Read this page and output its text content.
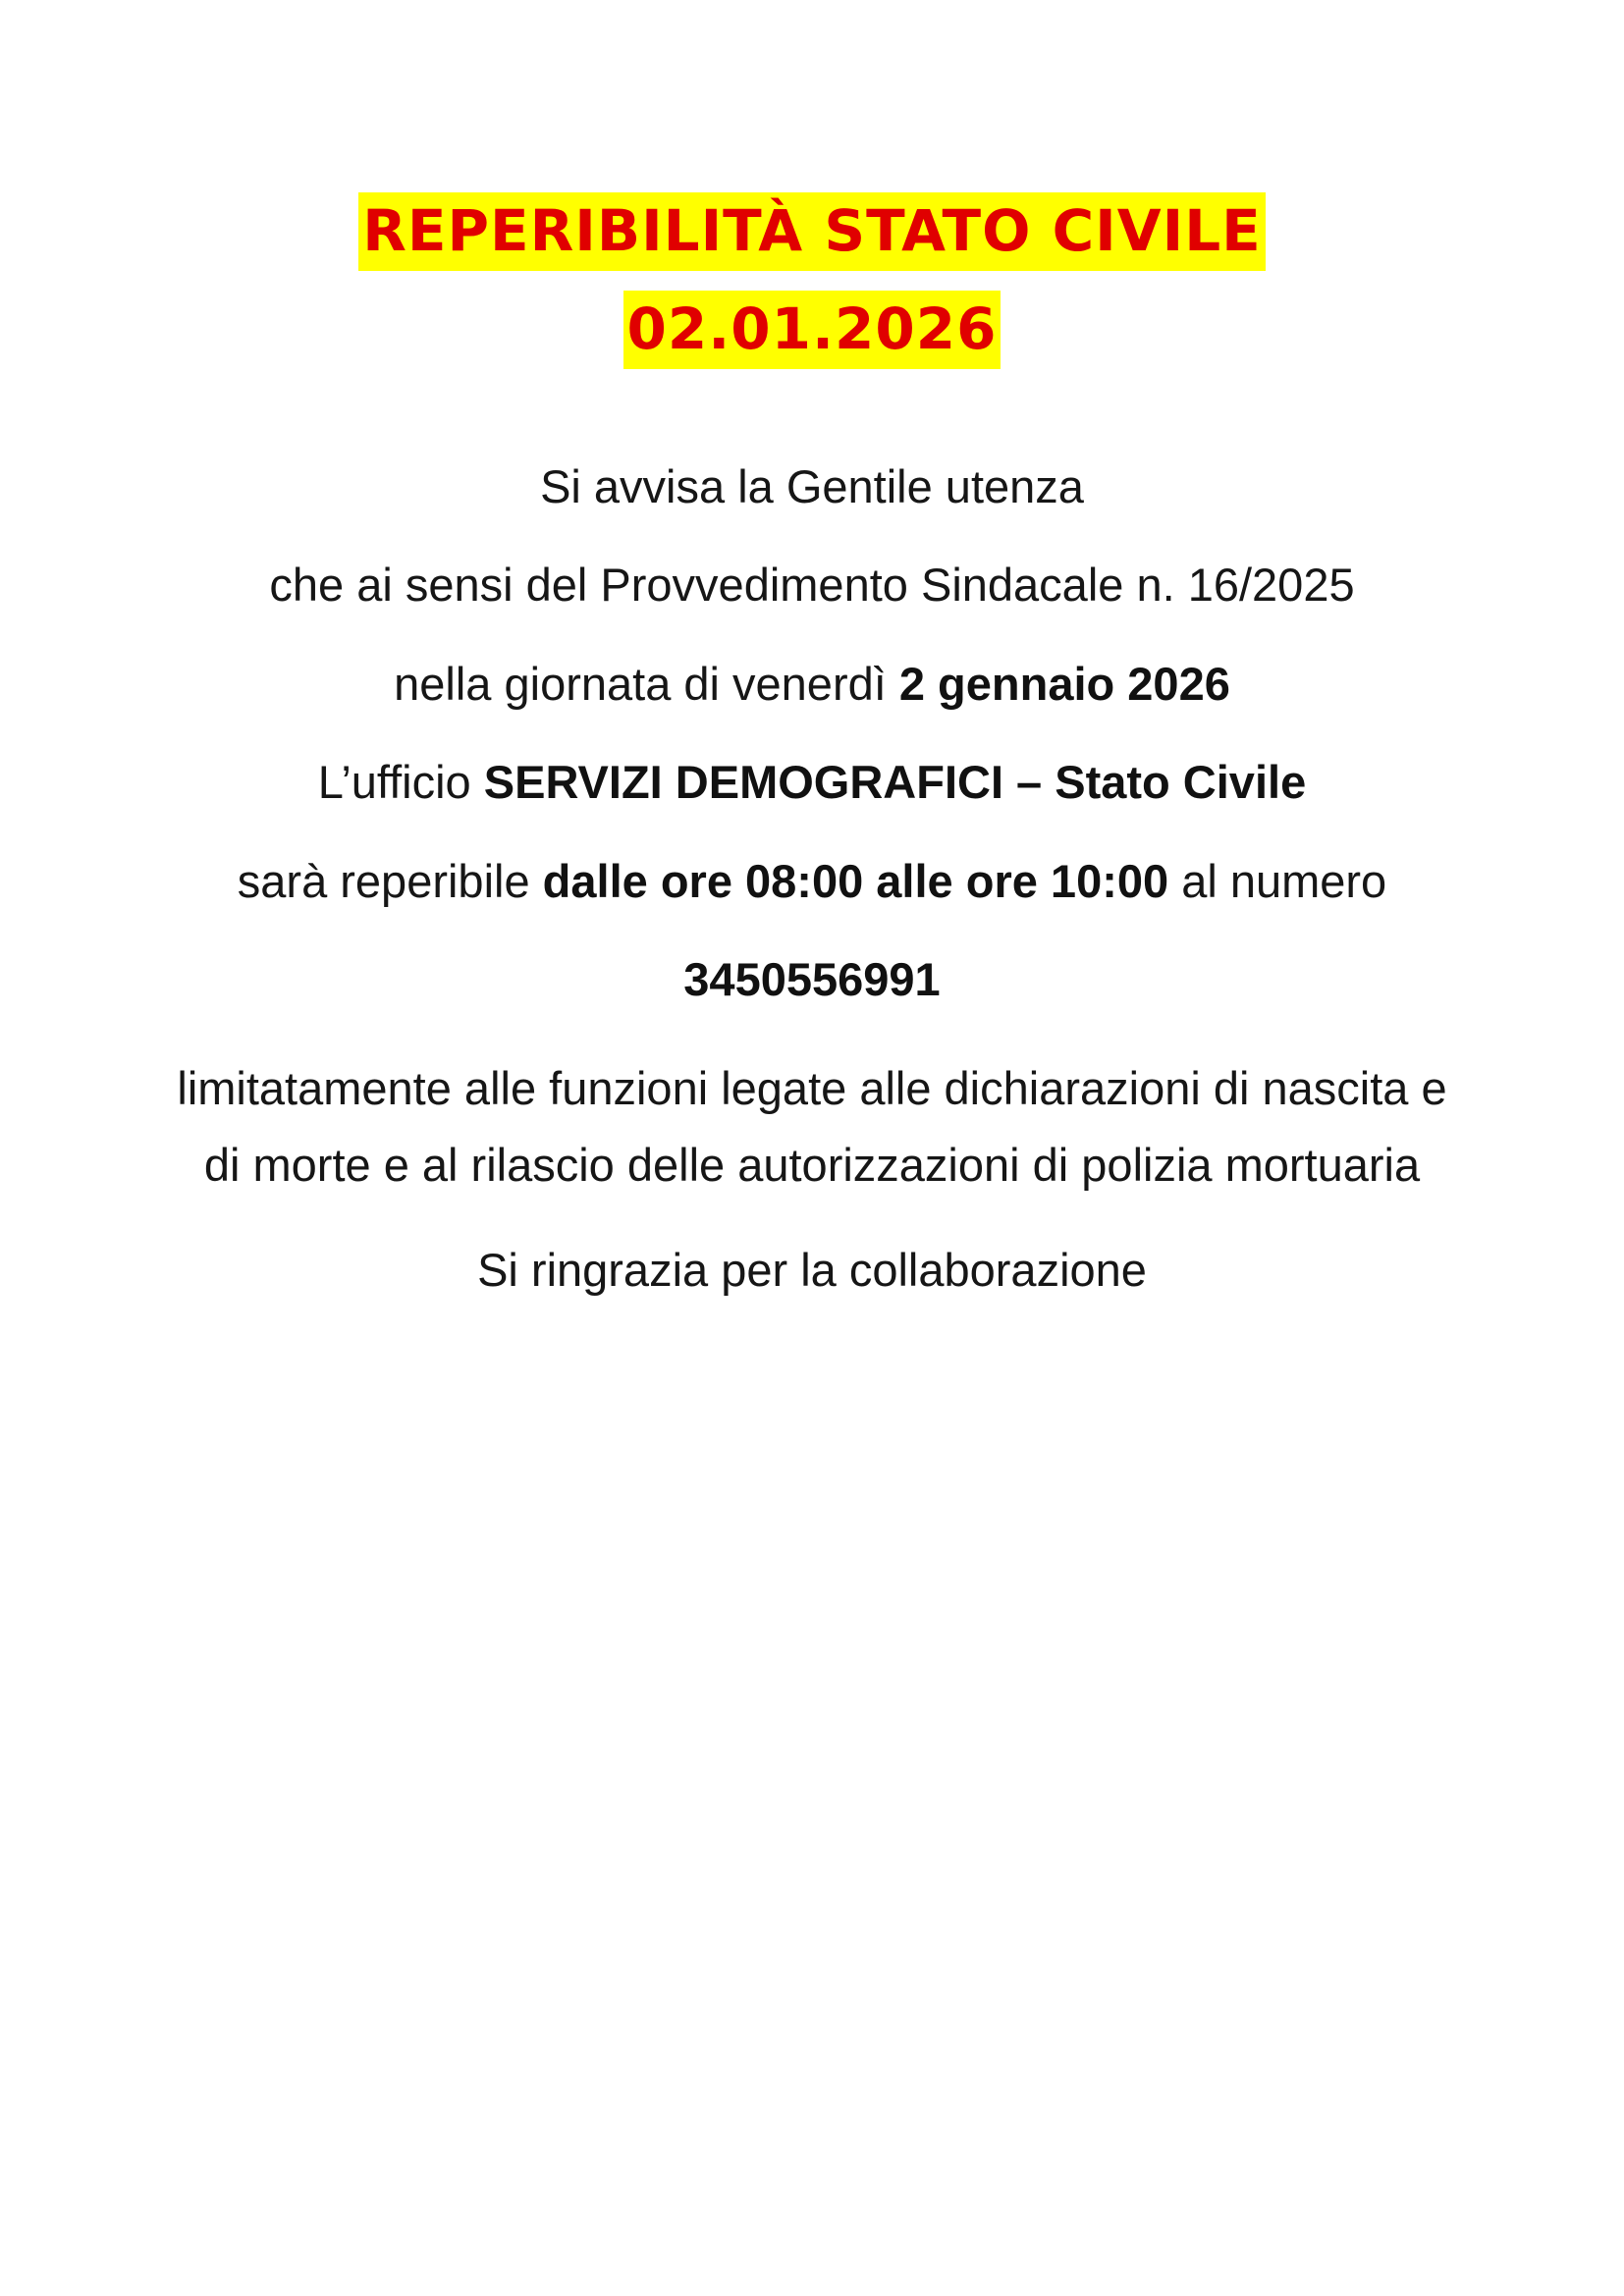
REPERIBILITÀ STATO CIVILE
02.01.2026
Si avvisa la Gentile utenza
che ai sensi del Provvedimento Sindacale n. 16/2025
nella giornata di venerdì 2 gennaio 2026
L’ufficio SERVIZI DEMOGRAFICI – Stato Civile
sarà reperibile dalle ore 08:00 alle ore 10:00 al numero
3450556991
limitatamente alle funzioni legate alle dichiarazioni di nascita e di morte e al rilascio delle autorizzazioni di polizia mortuaria
Si ringrazia per la collaborazione
